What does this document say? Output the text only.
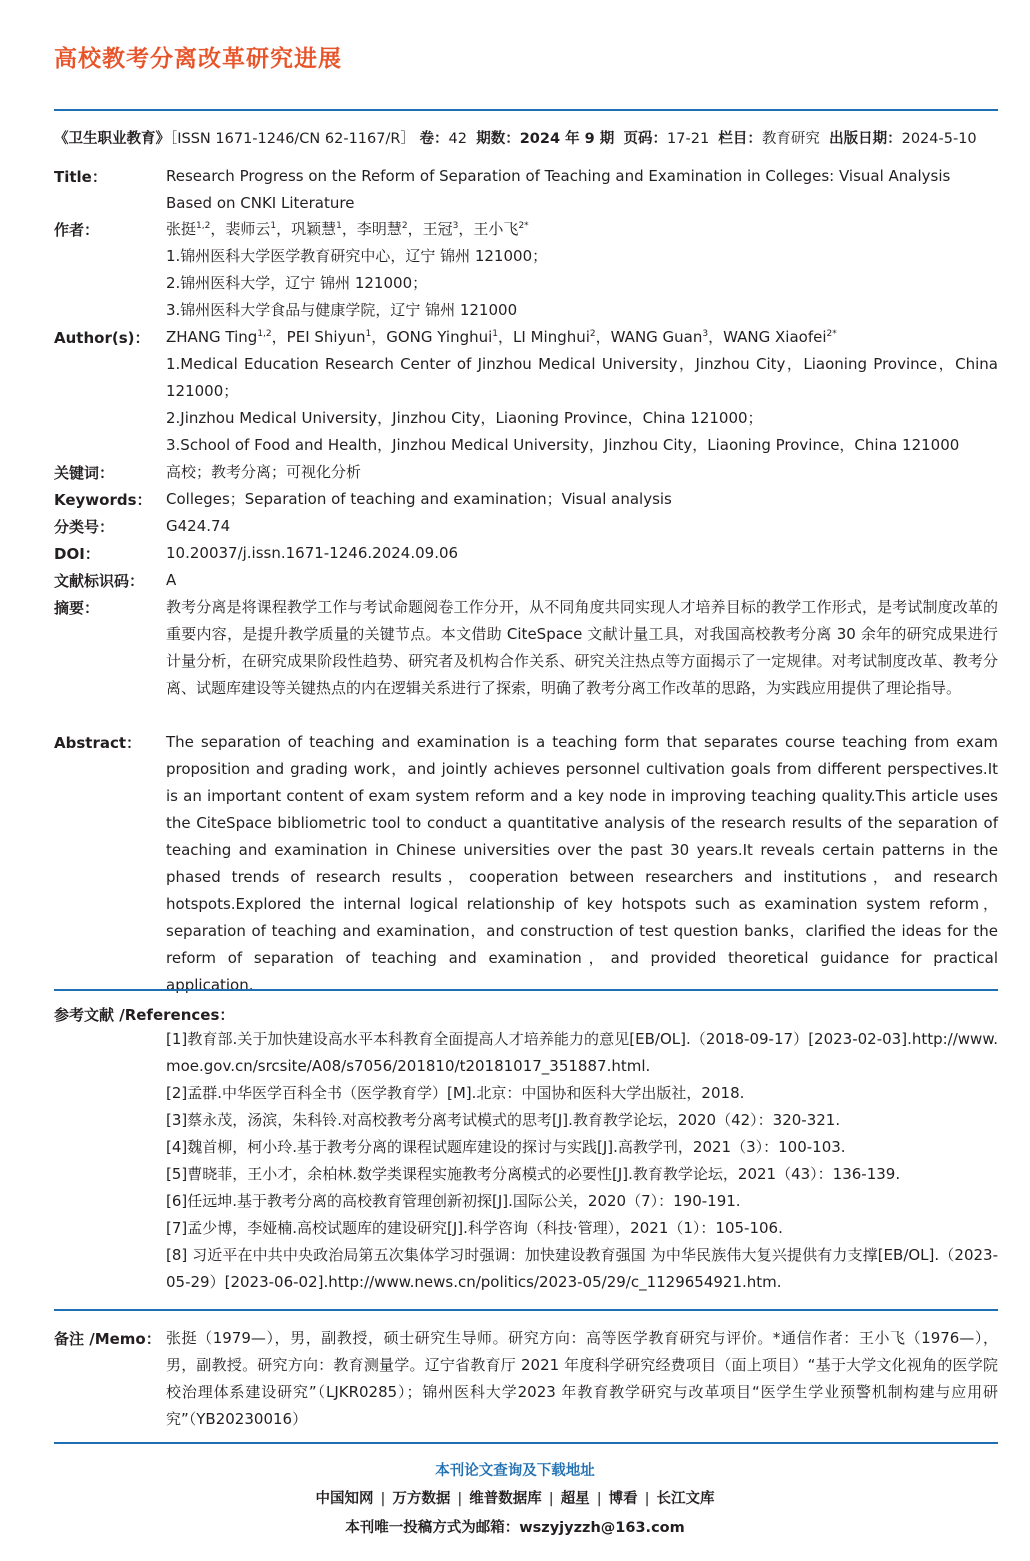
高校教考分离改革研究进展
《卫生职业教育》［ISSN 1671-1246/CN 62-1167/R］ 卷：42 期数：2024 年 9 期 页码：17-21 栏目：教育研究 出版日期：2024-5-10
Title：	Research Progress on the Reform of Separation of Teaching and Examination in Colleges: Visual Analysis Based on CNKI Literature
作者：	张挺$^{1,2}$，裴师云$^1$，巩颖慧$^1$，李明慧$^2$，王冠$^3$，王小飞$^{2*}$

1.锦州医科大学医学教育研究中心，辽宁 锦州 121000；

2.锦州医科大学，辽宁 锦州 121000；

3.锦州医科大学食品与健康学院，辽宁 锦州 121000

Author(s)：	ZHANG Ting$^{1,2}$，PEI Shiyun$^1$，GONG Yinghui$^1$，LI Minghui$^2$，WANG Guan$^3$，WANG Xiaofei$^{2*}$

1.Medical Education Research Center of Jinzhou Medical University，Jinzhou City，Liaoning Province，China 121000；

2.Jinzhou Medical University，Jinzhou City，Liaoning Province，China 121000；

3.School of Food and Health，Jinzhou Medical University，Jinzhou City，Liaoning Province，China 121000

关键词：	高校；教考分离；可视化分析
Keywords： Colleges；Separation of teaching and examination；Visual analysis
分类号：	G424.74
DOI：	10.20037/j.issn.1671-1246.2024.09.06
文献标识码：	A
摘要：	教考分离是将课程教学工作与考试命题阅卷工作分开，从不同角度共同实现人才培养目标的教学工作形式，是考试制度改革的重要内容，是提升教学质量的关键节点。本文借助 CiteSpace 文献计量工具，对我国高校教考分离 30 余年的研究成果进行计量分析，在研究成果阶段性趋势、研究者及机构合作关系、研究关注热点等方面揭示了一定规律。对考试制度改革、教考分离、试题库建设等关键热点的内在逻辑关系进行了探索，明确了教考分离工作改革的思路，为实践应用提供了理论指导。
Abstract：	The separation of teaching and examination is a teaching form that separates course teaching from exam proposition and grading work，and jointly achieves personnel cultivation goals from different perspectives.It is an important content of exam system reform and a key node in improving teaching quality.This article uses the CiteSpace bibliometric tool to conduct a quantitative analysis of the research results of the separation of teaching and examination in Chinese universities over the past 30 years.It reveals certain patterns in the phased trends of research results，cooperation between researchers and institutions，and research hotspots.Explored the internal logical relationship of key hotspots such as examination system reform，separation of teaching and examination，and construction of test question banks，clarified the ideas for the reform of separation of teaching and examination，and provided theoretical guidance for practical application.
参考文献 /References：

[1]教育部.关于加快建设高水平本科教育全面提高人才培养能力的意见[EB/OL].（2018-09-17）[2023-02-03].http://www.moe.gov.cn/srcsite/A08/s7056/201810/t20181017_351887.html.

[2]孟群.中华医学百科全书（医学教育学）[M].北京：中国协和医科大学出版社，2018.

[3]蔡永茂，汤滨，朱科铃.对高校教考分离考试模式的思考[J].教育教学论坛，2020（42）：320-321.

[4]魏首柳，柯小玲.基于教考分离的课程试题库建设的探讨与实践[J].高教学刊，2021（3）：100-103.

[5]曹晓菲，王小才，余柏林.数学类课程实施教考分离模式的必要性[J].教育教学论坛，2021（43）：136-139.

[6]任远坤.基于教考分离的高校教育管理创新初探[J].国际公关，2020（7）：190-191.

[7]孟少博，李娅楠.高校试题库的建设研究[J].科学咨询（科技·管理），2021（1）：105-106.

[8] 习近平在中共中央政治局第五次集体学习时强调：加快建设教育强国 为中华民族伟大复兴提供有力支撑[EB/OL].（2023-05-29）[2023-06-02].http://www.news.cn/politics/2023-05/29/c_1129654921.htm.

备注 /Memo： 张挺（1979—），男，副教授，硕士研究生导师。研究方向：高等医学教育研究与评价。*通信作者：王小飞（1976—），男，副教授。研究方向：教育测量学。辽宁省教育厅 2021 年度科学研究经费项目（面上项目）“基于大学文化视角的医学院校治理体系建设研究”（LJKR0285）；锦州医科大学2023 年教育教学研究与改革项目“医学生学业预警机制构建与应用研究”（YB20230016）
本刊论文查询及下载地址
中国知网 | 万方数据 | 维普数据库 | 超星 | 博看 | 长江文库
本刊唯一投稿方式为邮箱：wszyjyzzh@163.com
